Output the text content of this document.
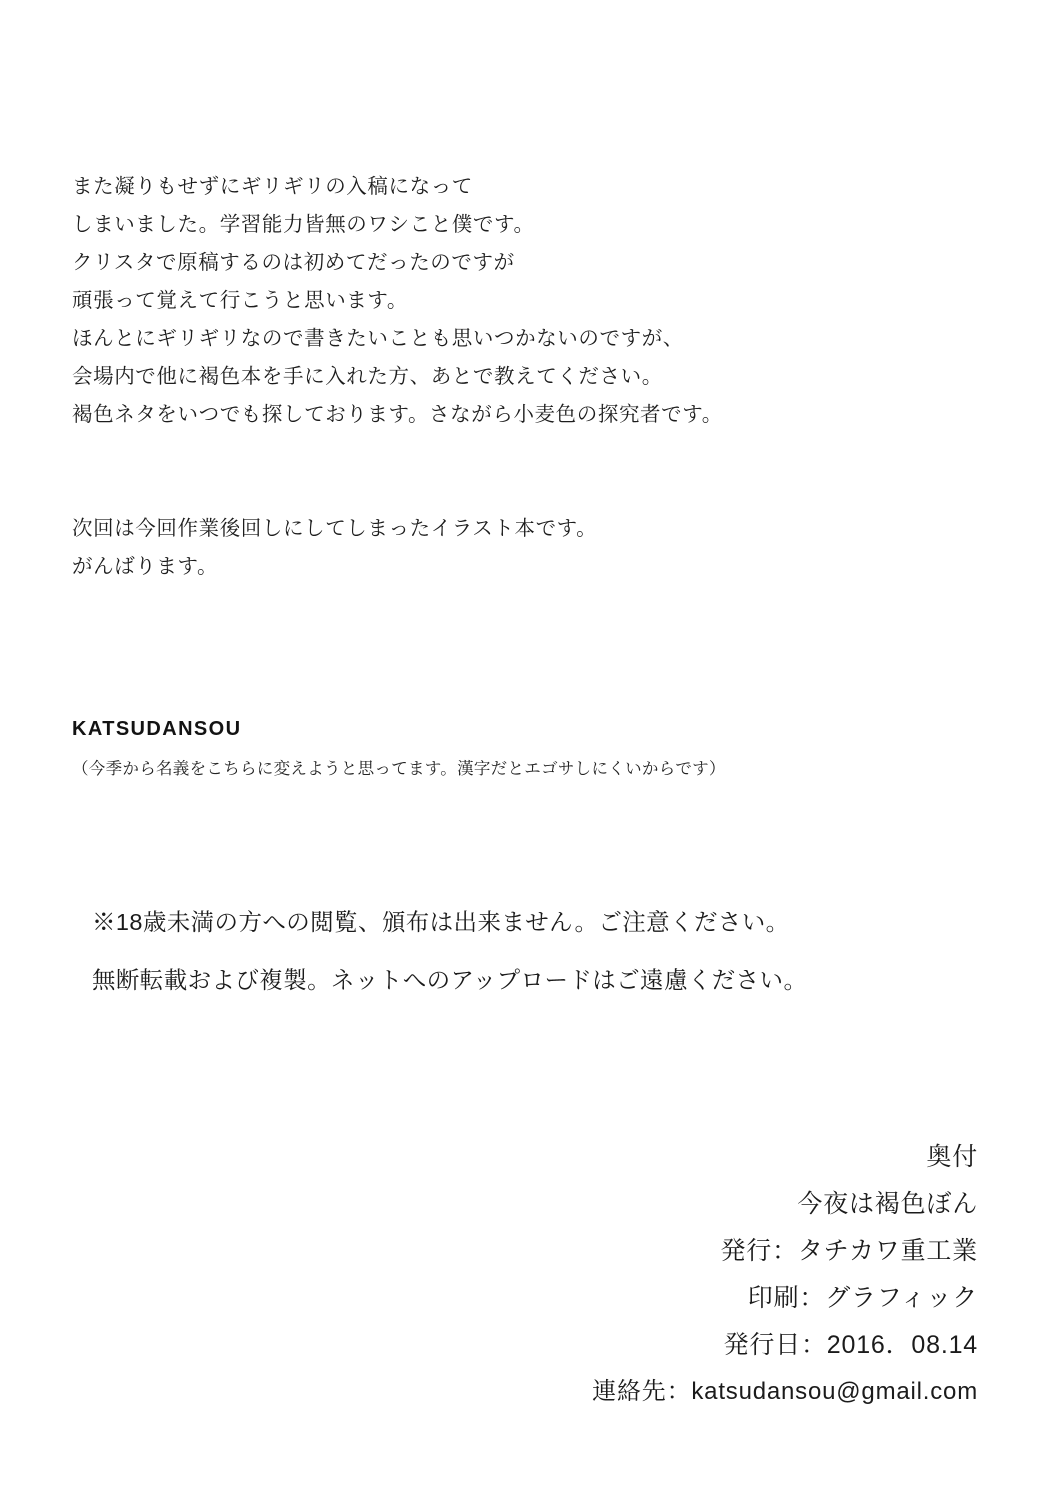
また凝りもせずにギリギリの入稿になって

しまいました。学習能力皆無のワシこと僕です。

クリスタで原稿するのは初めてだったのですが

頑張って覚えて行こうと思います。

ほんとにギリギリなので書きたいことも思いつかないのですが、

会場内で他に褐色本を手に入れた方、あとで教えてください。

褐色ネタをいつでも探しております。さながら小麦色の探究者です。

次回は今回作業後回しにしてしまったイラスト本です。

がんばります。

KATSUDANSOU

（今季から名義をこちらに変えようと思ってます。漢字だとエゴサしにくいからです）

※18歳未満の方への閲覧、頒布は出来ません。ご注意ください。

無断転載および複製。ネットへのアップロードはご遠慮ください。

奥付

今夜は褐色ぼん

発行：タチカワ重工業

印刷：グラフィック

発行日：2016．08.14

連絡先：katsudansou@gmail.com
